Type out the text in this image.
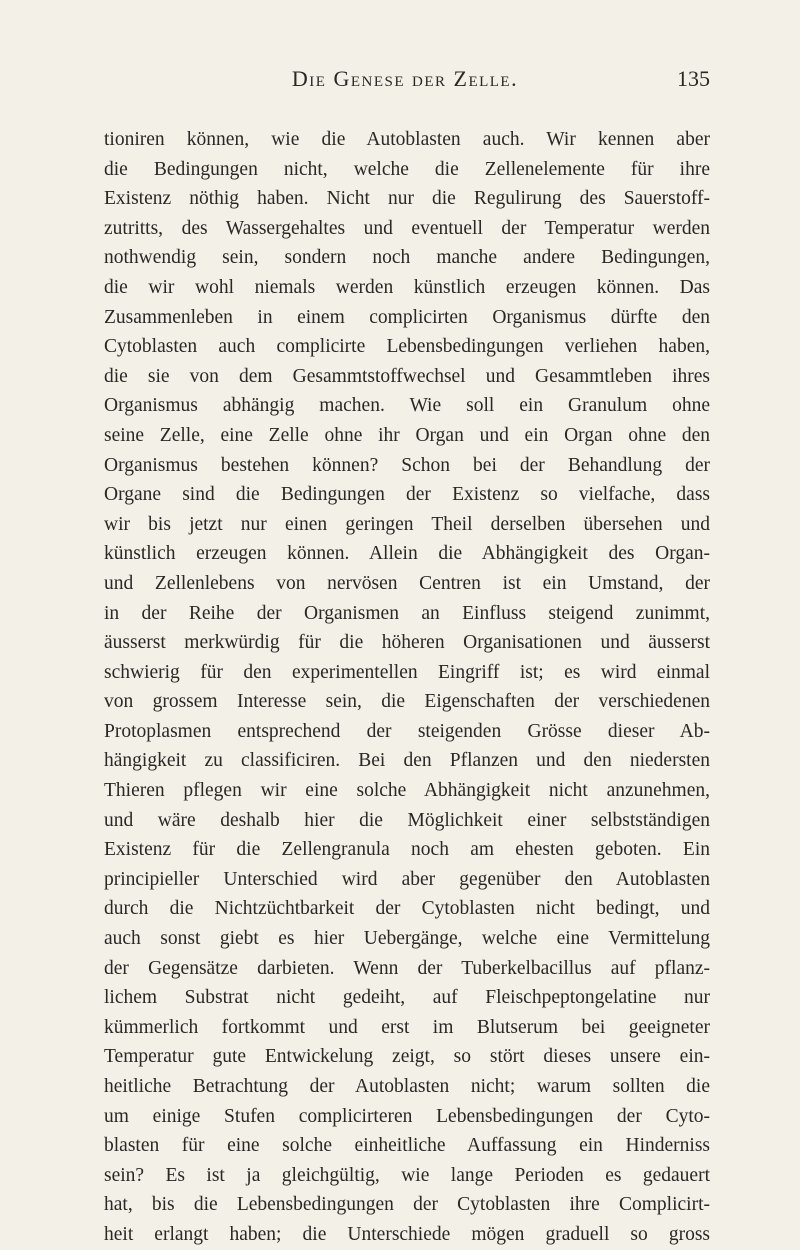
Die Genese der Zelle.	135
tioniren können, wie die Autoblasten auch. Wir kennen aber
die Bedingungen nicht, welche die Zellenelemente für ihre
Existenz nöthig haben. Nicht nur die Regulirung des Sauerstoff-
zutritts, des Wassergehaltes und eventuell der Temperatur werden
nothwendig sein, sondern noch manche andere Bedingungen,
die wir wohl niemals werden künstlich erzeugen können. Das
Zusammenleben in einem complicirten Organismus dürfte den
Cytoblasten auch complicirte Lebensbedingungen verliehen haben,
die sie von dem Gesammtstoffwechsel und Gesammtleben ihres
Organismus abhängig machen. Wie soll ein Granulum ohne
seine Zelle, eine Zelle ohne ihr Organ und ein Organ ohne den
Organismus bestehen können? Schon bei der Behandlung der
Organe sind die Bedingungen der Existenz so vielfache, dass
wir bis jetzt nur einen geringen Theil derselben übersehen und
künstlich erzeugen können. Allein die Abhängigkeit des Organ-
und Zellenlebens von nervösen Centren ist ein Umstand, der
in der Reihe der Organismen an Einfluss steigend zunimmt,
äusserst merkwürdig für die höheren Organisationen und äusserst
schwierig für den experimentellen Eingriff ist; es wird einmal
von grossem Interesse sein, die Eigenschaften der verschiedenen
Protoplasmen entsprechend der steigenden Grösse dieser Ab-
hängigkeit zu classificiren. Bei den Pflanzen und den niedersten
Thieren pflegen wir eine solche Abhängigkeit nicht anzunehmen,
und wäre deshalb hier die Möglichkeit einer selbstständigen
Existenz für die Zellengranula noch am ehesten geboten. Ein
principieller Unterschied wird aber gegenüber den Autoblasten
durch die Nichtzüchtbarkeit der Cytoblasten nicht bedingt, und
auch sonst giebt es hier Uebergänge, welche eine Vermittelung
der Gegensätze darbieten. Wenn der Tuberkelbacillus auf pflanz-
lichem Substrat nicht gedeiht, auf Fleischpeptongelatine nur
kümmerlich fortkommt und erst im Blutserum bei geeigneter
Temperatur gute Entwickelung zeigt, so stört dieses unsere ein-
heitliche Betrachtung der Autoblasten nicht; warum sollten die
um einige Stufen complicirteren Lebensbedingungen der Cyto-
blasten für eine solche einheitliche Auffassung ein Hinderniss
sein? Es ist ja gleichgültig, wie lange Perioden es gedauert
hat, bis die Lebensbedingungen der Cytoblasten ihre Complicirt-
heit erlangt haben; die Unterschiede mögen graduell so gross
